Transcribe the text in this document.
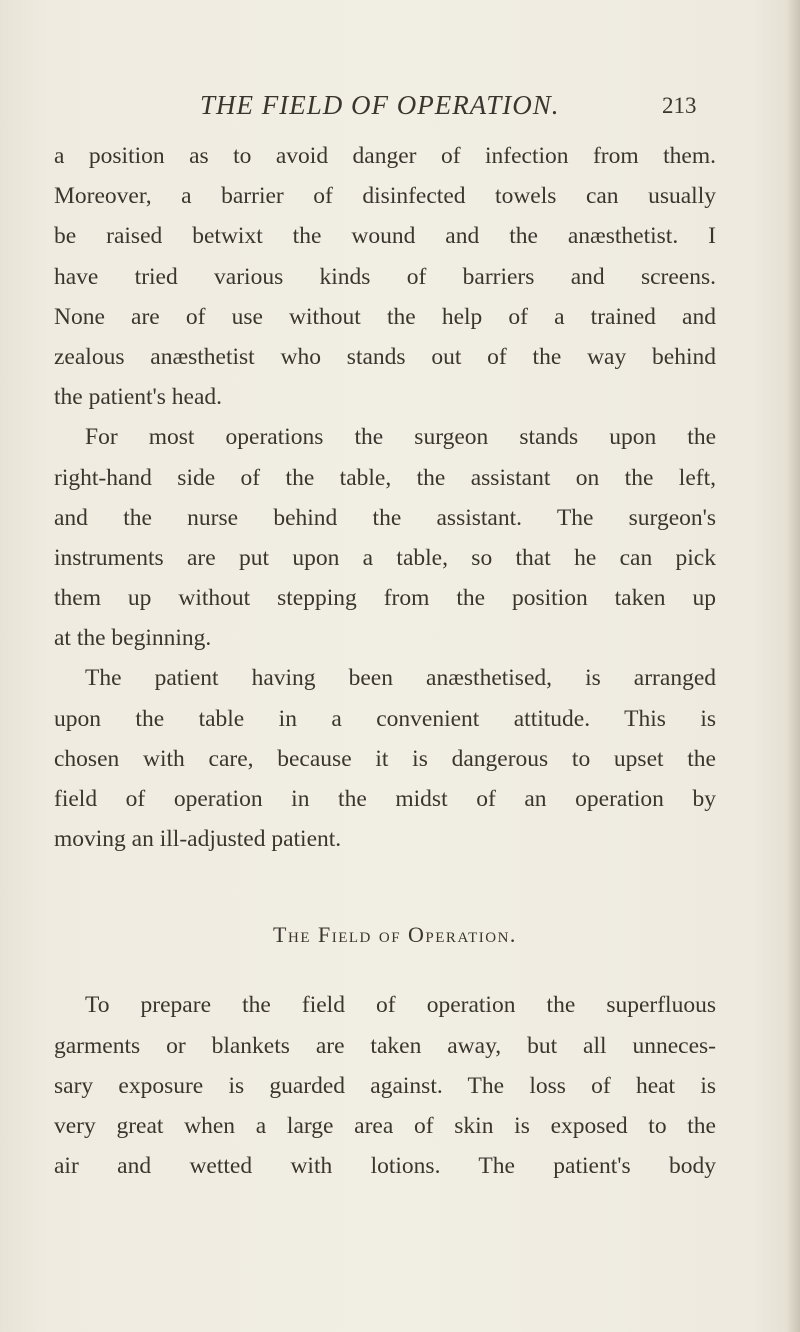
THE FIELD OF OPERATION.	213
a position as to avoid danger of infection from them.
Moreover, a barrier of disinfected towels can usually
be raised betwixt the wound and the anæsthetist. I
have tried various kinds of barriers and screens.
None are of use without the help of a trained and
zealous anæsthetist who stands out of the way behind
the patient's head.
For most operations the surgeon stands upon the
right-hand side of the table, the assistant on the left,
and the nurse behind the assistant. The surgeon's
instruments are put upon a table, so that he can pick
them up without stepping from the position taken up
at the beginning.
The patient having been anæsthetised, is arranged
upon the table in a convenient attitude. This is
chosen with care, because it is dangerous to upset the
field of operation in the midst of an operation by
moving an ill-adjusted patient.
The Field of Operation.
To prepare the field of operation the superfluous
garments or blankets are taken away, but all unneces-
sary exposure is guarded against. The loss of heat is
very great when a large area of skin is exposed to the
air and wetted with lotions. The patient's body
